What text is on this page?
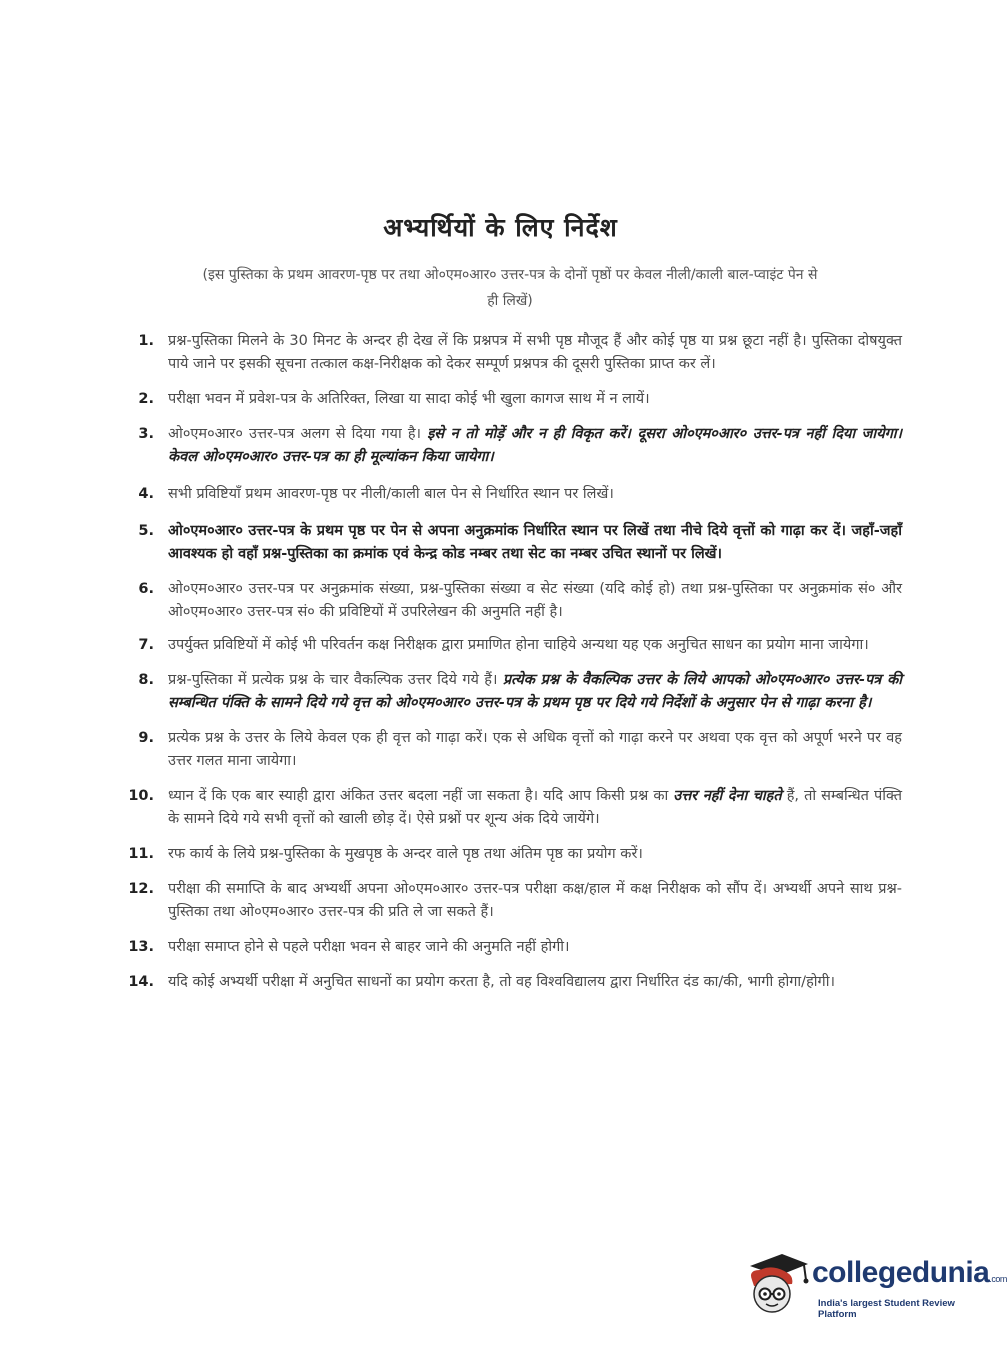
अभ्यर्थियों के लिए निर्देश
(इस पुस्तिका के प्रथम आवरण-पृष्ठ पर तथा ओ०एम०आर० उत्तर-पत्र के दोनों पृष्ठों पर केवल नीली/काली बाल-प्वाइंट पेन से ही लिखें)
1. प्रश्न-पुस्तिका मिलने के 30 मिनट के अन्दर ही देख लें कि प्रश्नपत्र में सभी पृष्ठ मौजूद हैं और कोई पृष्ठ या प्रश्न छूटा नहीं है। पुस्तिका दोषयुक्त पाये जाने पर इसकी सूचना तत्काल कक्ष-निरीक्षक को देकर सम्पूर्ण प्रश्नपत्र की दूसरी पुस्तिका प्राप्त कर लें।
2. परीक्षा भवन में प्रवेश-पत्र के अतिरिक्त, लिखा या सादा कोई भी खुला कागज साथ में न लायें।
3. ओ०एम०आर० उत्तर-पत्र अलग से दिया गया है। इसे न तो मोड़ें और न ही विकृत करें। दूसरा ओ०एम०आर० उत्तर-पत्र नहीं दिया जायेगा। केवल ओ०एम०आर० उत्तर-पत्र का ही मूल्यांकन किया जायेगा।
4. सभी प्रविष्टियाँ प्रथम आवरण-पृष्ठ पर नीली/काली बाल पेन से निर्धारित स्थान पर लिखें।
5. ओ०एम०आर० उत्तर-पत्र के प्रथम पृष्ठ पर पेन से अपना अनुक्रमांक निर्धारित स्थान पर लिखें तथा नीचे दिये वृत्तों को गाढ़ा कर दें। जहाँ-जहाँ आवश्यक हो वहाँ प्रश्न-पुस्तिका का क्रमांक एवं केन्द्र कोड नम्बर तथा सेट का नम्बर उचित स्थानों पर लिखें।
6. ओ०एम०आर० उत्तर-पत्र पर अनुक्रमांक संख्या, प्रश्न-पुस्तिका संख्या व सेट संख्या (यदि कोई हो) तथा प्रश्न-पुस्तिका पर अनुक्रमांक सं० और ओ०एम०आर० उत्तर-पत्र सं० की प्रविष्टियों में उपरिलेखन की अनुमति नहीं है।
7. उपर्युक्त प्रविष्टियों में कोई भी परिवर्तन कक्ष निरीक्षक द्वारा प्रमाणित होना चाहिये अन्यथा यह एक अनुचित साधन का प्रयोग माना जायेगा।
8. प्रश्न-पुस्तिका में प्रत्येक प्रश्न के चार वैकल्पिक उत्तर दिये गये हैं। प्रत्येक प्रश्न के वैकल्पिक उत्तर के लिये आपको ओ०एम०आर० उत्तर-पत्र की सम्बन्धित पंक्ति के सामने दिये गये वृत्त को ओ०एम०आर० उत्तर-पत्र के प्रथम पृष्ठ पर दिये गये निर्देशों के अनुसार पेन से गाढ़ा करना है।
9. प्रत्येक प्रश्न के उत्तर के लिये केवल एक ही वृत्त को गाढ़ा करें। एक से अधिक वृत्तों को गाढ़ा करने पर अथवा एक वृत्त को अपूर्ण भरने पर वह उत्तर गलत माना जायेगा।
10. ध्यान दें कि एक बार स्याही द्वारा अंकित उत्तर बदला नहीं जा सकता है। यदि आप किसी प्रश्न का उत्तर नहीं देना चाहते हैं, तो सम्बन्धित पंक्ति के सामने दिये गये सभी वृत्तों को खाली छोड़ दें। ऐसे प्रश्नों पर शून्य अंक दिये जायेंगे।
11. रफ कार्य के लिये प्रश्न-पुस्तिका के मुखपृष्ठ के अन्दर वाले पृष्ठ तथा अंतिम पृष्ठ का प्रयोग करें।
12. परीक्षा की समाप्ति के बाद अभ्यर्थी अपना ओ०एम०आर० उत्तर-पत्र परीक्षा कक्ष/हाल में कक्ष निरीक्षक को सौंप दें। अभ्यर्थी अपने साथ प्रश्न-पुस्तिका तथा ओ०एम०आर० उत्तर-पत्र की प्रति ले जा सकते हैं।
13. परीक्षा समाप्त होने से पहले परीक्षा भवन से बाहर जाने की अनुमति नहीं होगी।
14. यदि कोई अभ्यर्थी परीक्षा में अनुचित साधनों का प्रयोग करता है, तो वह विश्वविद्यालय द्वारा निर्धारित दंड का/की, भागी होगा/होगी।
collegedunia.com
India's largest Student Review Platform
